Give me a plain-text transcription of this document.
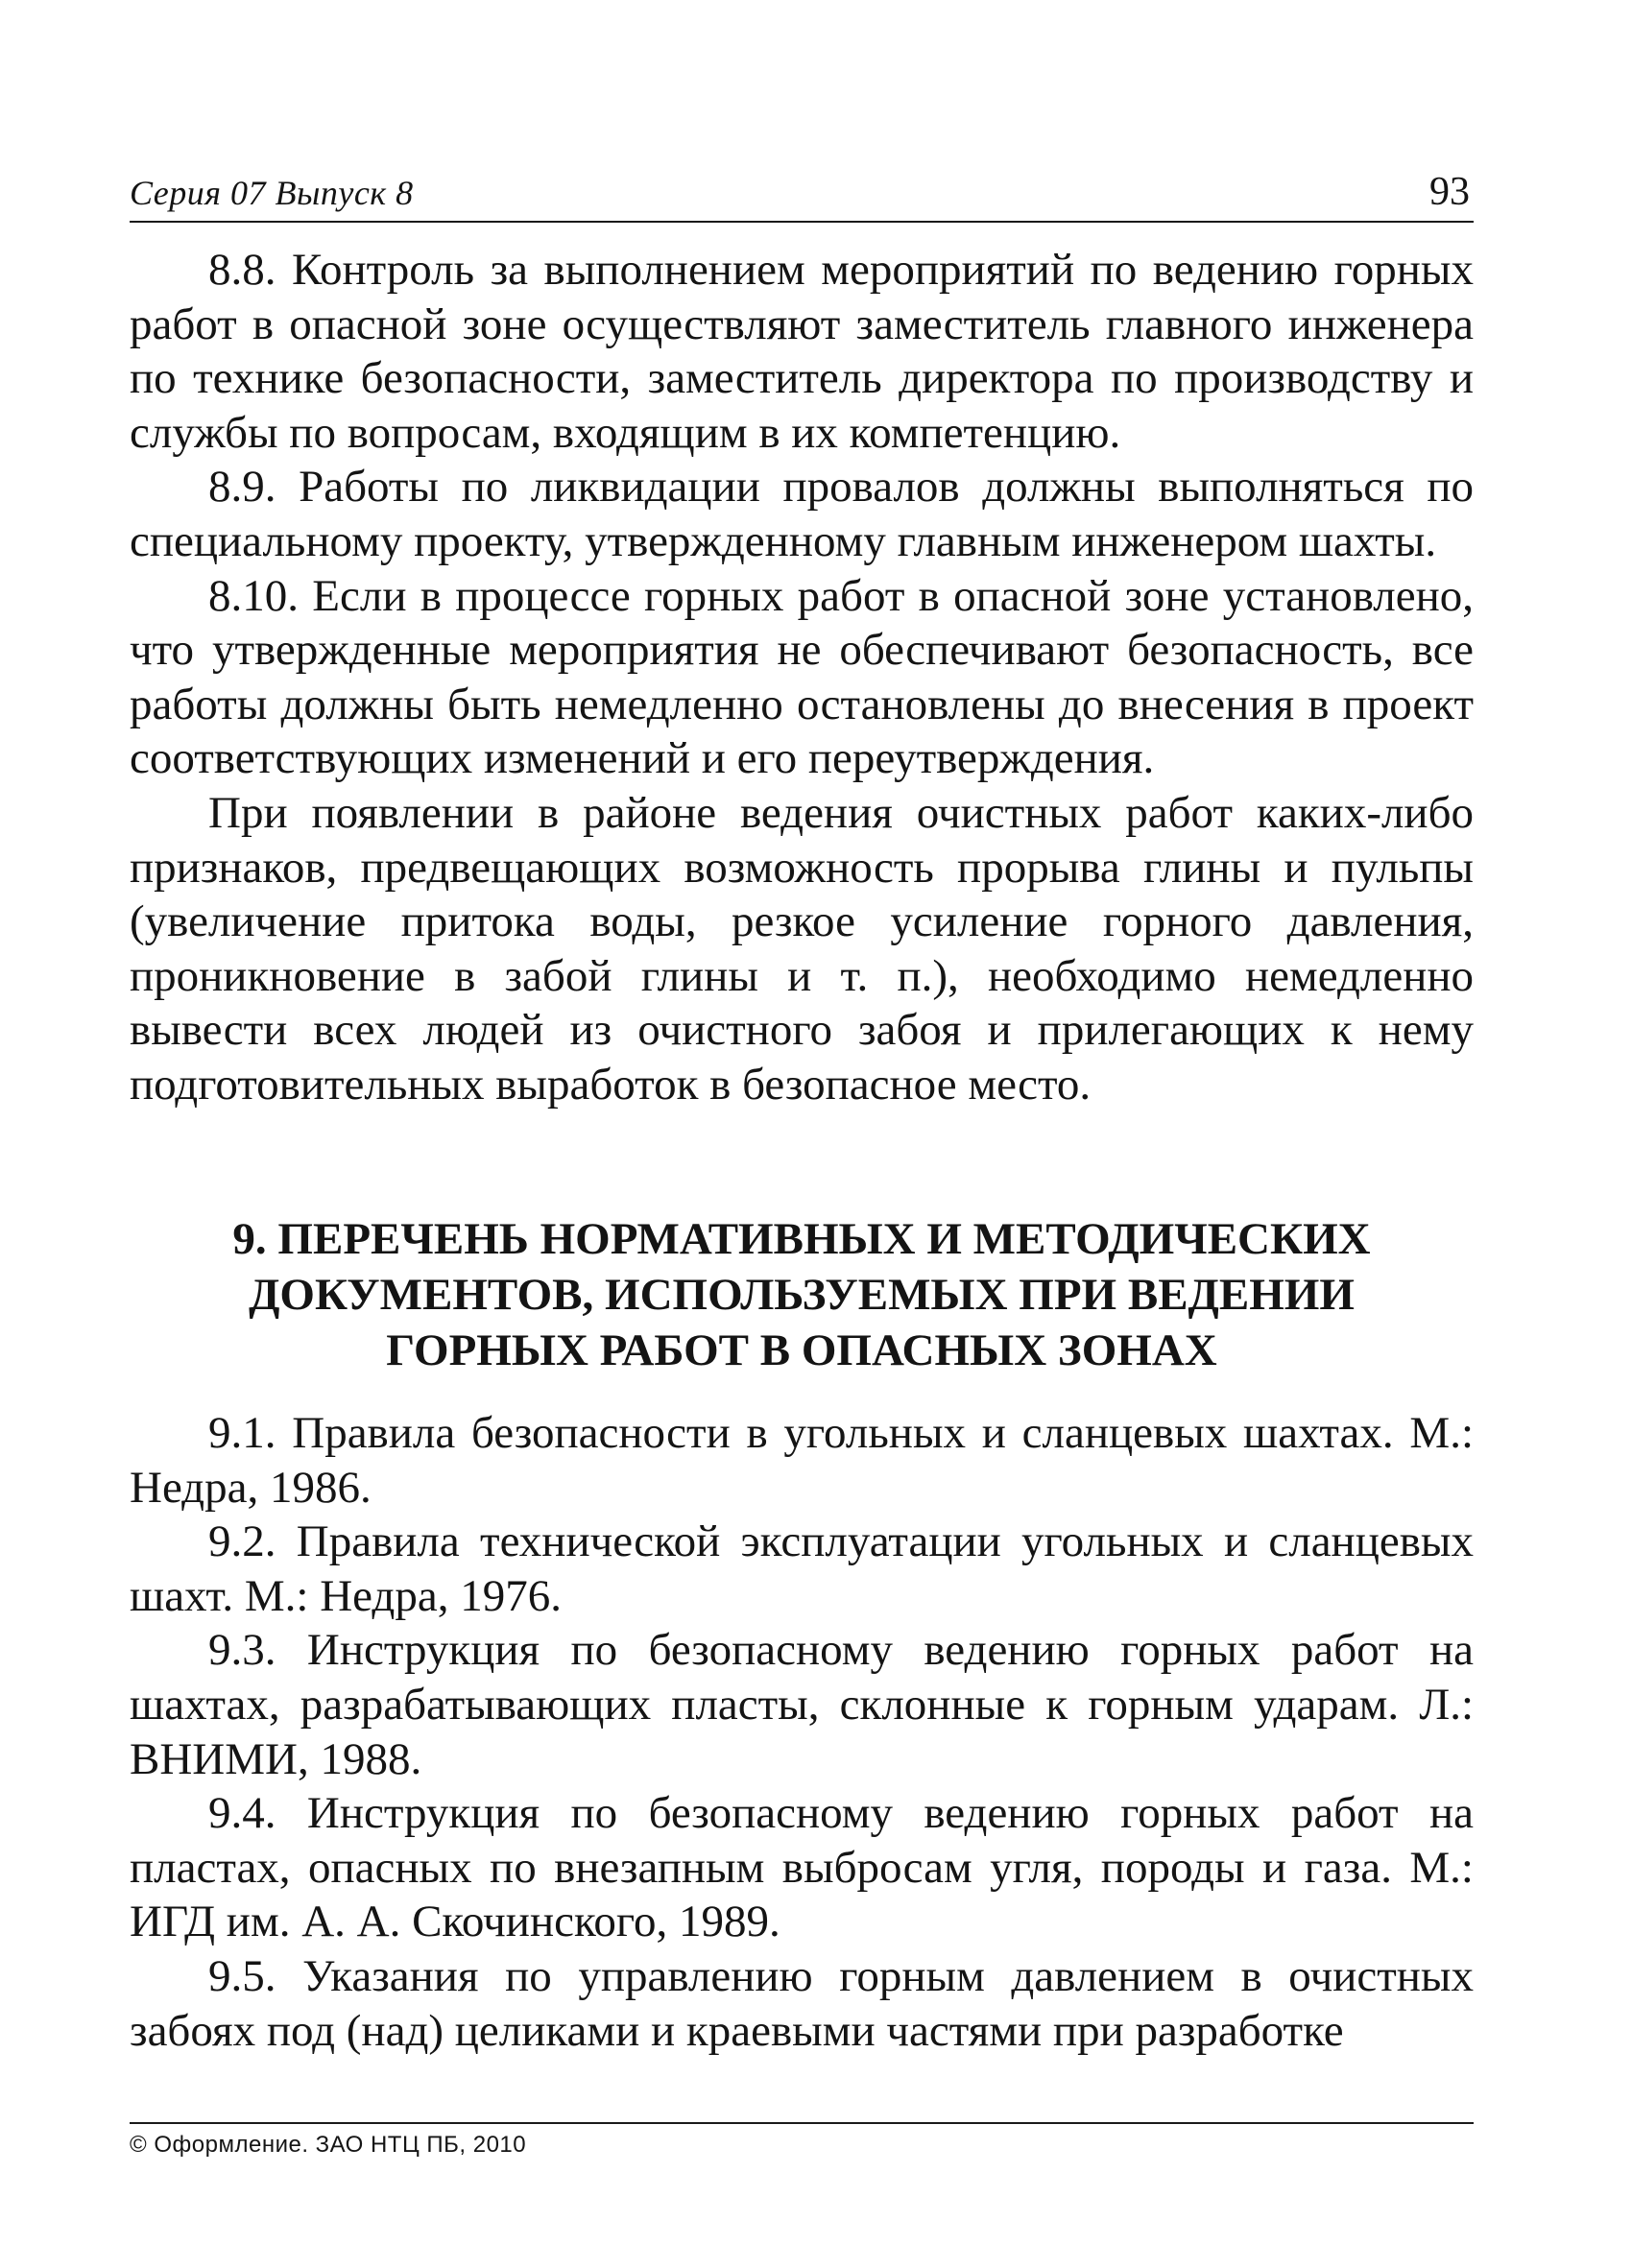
Серия 07 Выпуск 8	93

8.8. Контроль за выполнением мероприятий по ведению горных работ в опасной зоне осуществляют заместитель главного инженера по технике безопасности, заместитель директора по производству и службы по вопросам, входящим в их компетенцию.

8.9. Работы по ликвидации провалов должны выполняться по специальному проекту, утвержденному главным инженером шахты.

8.10. Если в процессе горных работ в опасной зоне установлено, что утвержденные мероприятия не обеспечивают безопасность, все работы должны быть немедленно остановлены до внесения в проект соответствующих изменений и его переутверждения.

При появлении в районе ведения очистных работ каких-либо признаков, предвещающих возможность прорыва глины и пульпы (увеличение притока воды, резкое усиление горного давления, проникновение в забой глины и т. п.), необходимо немедленно вывести всех людей из очистного забоя и прилегающих к нему подготовительных выработок в безопасное место.

9. ПЕРЕЧЕНЬ НОРМАТИВНЫХ И МЕТОДИЧЕСКИХ
ДОКУМЕНТОВ, ИСПОЛЬЗУЕМЫХ ПРИ ВЕДЕНИИ
ГОРНЫХ РАБОТ В ОПАСНЫХ ЗОНАХ

9.1. Правила безопасности в угольных и сланцевых шахтах. М.: Недра, 1986.

9.2. Правила технической эксплуатации угольных и сланцевых шахт. М.: Недра, 1976.

9.3. Инструкция по безопасному ведению горных работ на шахтах, разрабатывающих пласты, склонные к горным ударам. Л.: ВНИМИ, 1988.

9.4. Инструкция по безопасному ведению горных работ на пластах, опасных по внезапным выбросам угля, породы и газа. М.: ИГД им. А. А. Скочинского, 1989.

9.5. Указания по управлению горным давлением в очистных забоях под (над) целиками и краевыми частями при разработке

© Оформлениe. ЗАО НТЦ ПБ, 2010
